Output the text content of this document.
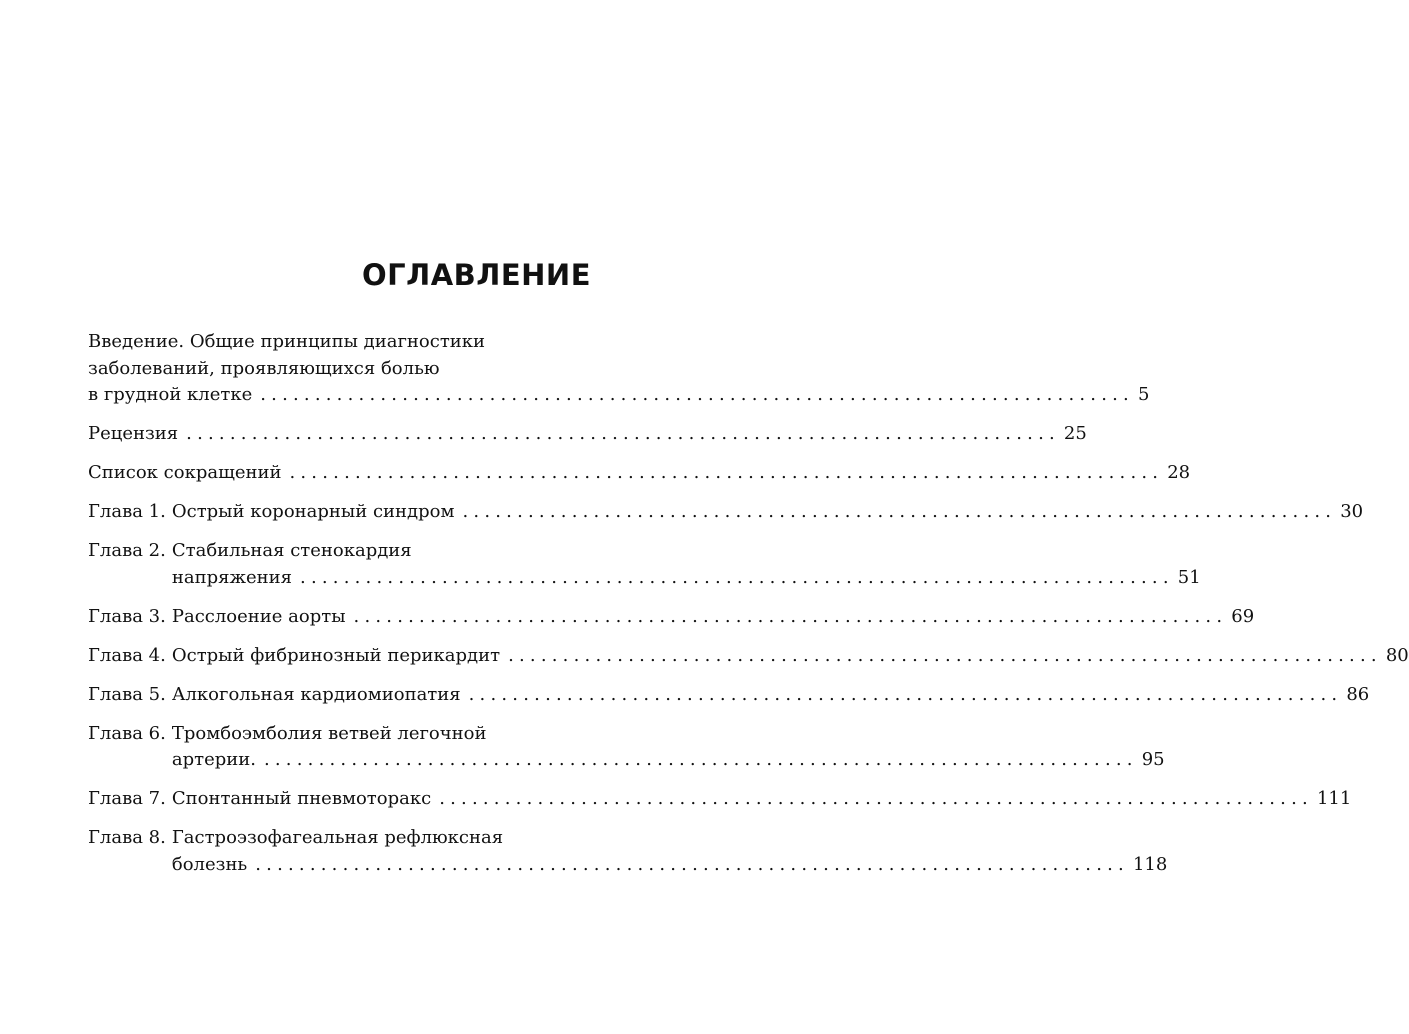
ОГЛАВЛЕНИЕ
Введение. Общие принципы диагностики
заболеваний, проявляющихся болью
в грудной клетке ................................................................................ 5
Рецензия ................................................................................ 25
Список сокращений ................................................................................ 28
Глава 1. Острый коронарный синдром ................................................................................ 30
Глава 2. Стабильная стенокардия
напряжения ................................................................................ 51
Глава 3. Расслоение аорты ................................................................................ 69
Глава 4. Острый фибринозный перикардит ................................................................................ 80
Глава 5. Алкогольная кардиомиопатия ................................................................................ 86
Глава 6. Тромбоэмболия ветвей легочной
артерии. ................................................................................ 95
Глава 7. Спонтанный пневмоторакс ................................................................................ 111
Глава 8. Гастроэзофагеальная рефлюксная
болезнь ................................................................................ 118
